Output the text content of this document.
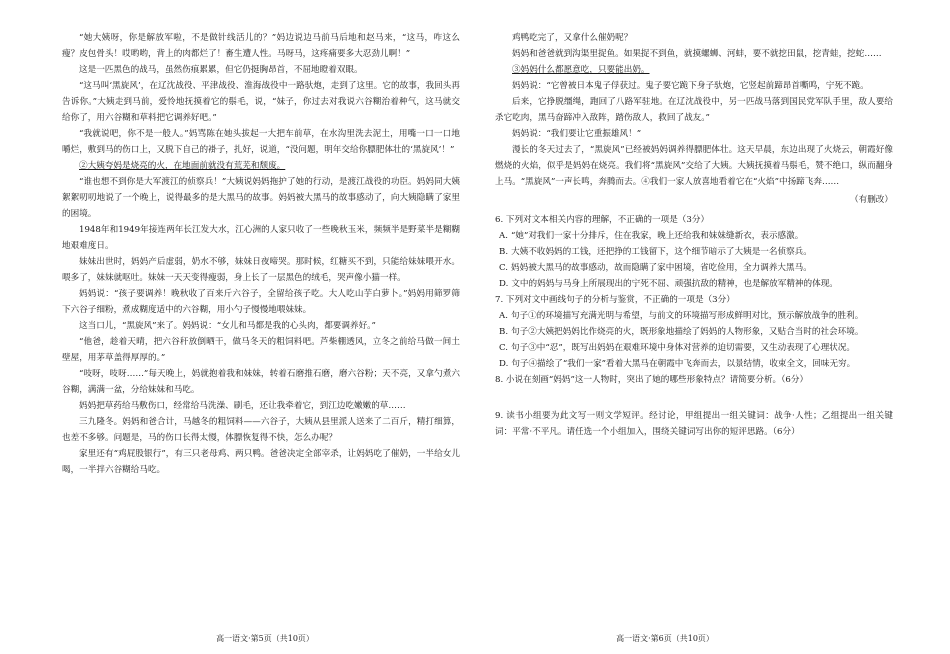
“她大姨呀，你是解放军啦，不是做针线活儿的？”妈边说边马前马后地和赵马来，“这马，咋这么瘦？皮包骨头！哎哟哟，背上的肉都烂了！畜生遭人性。马呀马，这疼痛要多大忍劲儿啊！”

这是一匹黑色的战马，虽然伤痕累累，但它仍挺胸昂首，不屈地瞪着双眼。

“这马叫‘黑旋风’，在辽沈战役、平津战役、淮海战役中一路驮炮，走到了这里。它的故事，我回头再告诉你。”大姨走到马前，爱怜地抚摸着它的鬃毛，说，“妹子，你过去对我说六谷糊治着种气，这马就交给你了，用六谷糊和草料把它调养好吧。”

“我就说吧，你不是一般人。”妈骂陈在她头拔起一大把车前草，在水沟里洗去泥土，用嘴一口一口地嚼烂，敷到马的伤口上，又脱下自己的褂子，扎好，说道，“没问题，明年交给你膘肥体壮的‘黑旋风’！”

②大姨夸妈是烧亮的火，在地面前就没有荒芜和颓废。

“谁也想不到你是大军渡江的侦察兵！”大姨说妈妈拖护了她的行动，是渡江战役的功臣。妈妈同大姨絮絮叨叨地说了一个晚上，说得最多的是大黑马的故事。妈妈被大黑马的故事感动了，向大姨隐瞒了家里的困境。

1948年和1949年接连两年长江发大水，江心洲的人家只收了一些晚秋玉米，频频半是野菜半是糊糊地艰难度日。

妹妹出世时，妈妈产后虚弱，奶水不够，妹妹日夜啼哭。那时候，红糖买不到，只能给妹妹喂开水。喂多了，妹妹就呕吐。妹妹一天天变得瘦弱，身上长了一层黑色的绒毛，哭声像小猫一样。

妈妈说：“孩子要调养！晚秋收了百来斤六谷子，全留给孩子吃。大人吃山芋白萝卜。”妈妈用筛罗筛下六谷子细粉，煮成糊度适中的六谷糊，用小勺子慢慢地喂妹妹。

这当口儿，“黑旋风”来了。妈妈说：“女儿和马都是我的心头肉，都要调养好。”

“他爸，趁着天晴，把六谷秆放倒晒干，做马冬天的粗饲料吧。芦柴棚透风，立冬之前给马做一间土壁屋，用茅草盖得厚厚的。”

“吱呀，吱呀……”每天晚上，妈就抱着我和妹妹，转着石磨推石磨，磨六谷粉；天不亮，又拿勺煮六谷糊，满满一盆，分给妹妹和马吃。

妈妈把草药给马敷伤口，经常给马洗澡、刷毛，还让我牵着它，到江边吃嫩嫩的草……

三九隆冬。妈妈和爸合计，马越冬的粗饲料——六谷子，大姨从县里派人送来了二百斤，精打细算，也差不多够。问题是，马的伤口长得太慢，体膘恢复得不快，怎么办呢？

家里还有“鸡屁股银行”，有三只老母鸡、两只鸭。爸爸决定全部宰杀，让妈妈吃了催奶，一半给女儿喝，一半拌六谷糊给马吃。

高一语文·第5页（共10页）

鸡鸭吃完了，又拿什么催奶呢？

妈妈和爸爸就到沟渠里捉鱼。如果捉不到鱼，就摸螺蛳、河蚌，要不就挖田鼠，挖青蛙，挖蛇……

③妈妈什么都愿意吃，只要能出奶。

妈妈说：“它曾被日本鬼子俘获过。鬼子要它跪下身子驮炮，它竖起前蹄昂首嘶鸣，宁死不跪。

后来，它挣脱缰绳，跑回了八路军驻地。在辽沈战役中，另一匹战马落到国民党军队手里，敌人要给杀它吃肉，黑马奋蹄冲入敌阵，踏伤敌人，救回了战友。”

妈妈说：“我们要让它重振雄风！”

漫长的冬天过去了，“黑旋风”已经被妈妈调养得膘肥体壮。这天早晨，东边出现了火烧云，朝霞好像燃烧的火焰，似乎是妈妈在烧亮。我们将“黑旋风”交给了大姨。大姨抚摸着马鬃毛，赞不绝口，纵而翻身上马。“黑旋风”一声长鸣，奔腾而去。④我们一家人放喜地看着它在“火焰”中扬蹄飞奔……

（有删改）

6. 下列对文本相关内容的理解，不正确的一项是（3分）

A. “她”对我们一家十分排斥，住在我家，晚上还给我和妹妹缝新衣，表示感激。

B. 大姨不收妈妈的工钱，还把挣的工钱留下，这个细节暗示了大姨是一名侦察兵。

C. 妈妈被大黑马的故事感动，故而隐瞒了家中困境，省吃俭用，全力调养大黑马。

D. 文中的妈妈与马身上所展现出的宁死不屈、顽强抗敌的精神，也是解放军精神的体现。

7. 下列对文中画线句子的分析与鉴赏，不正确的一项是（3分）

A. 句子①的环境描写充满光明与希望，与前文的环境描写形成鲜明对比，预示解放战争的胜利。

B. 句子②大姨把妈妈比作烧亮的火，既形象地描绘了妈妈的人物形象，又贴合当时的社会环境。

C. 句子③中“忍”，既写出妈妈在艰难环境中身体对营养的迫切需要，又生动表现了心理状况。

D. 句子④描绘了“我们一家”看着大黑马在朝霞中飞奔而去，以景结情，收束全文，回味无穷。

8. 小说在刻画“妈妈”这一人物时，突出了她的哪些形象特点？请简要分析。（6分）

9. 读书小组要为此文写一则文学短评。经讨论，甲组提出一组关键词：战争·人性；乙组提出一组关键词：平常·不平凡。请任选一个小组加入，围绕关键词写出你的短评思路。（6分）

高一语文·第6页（共10页）
